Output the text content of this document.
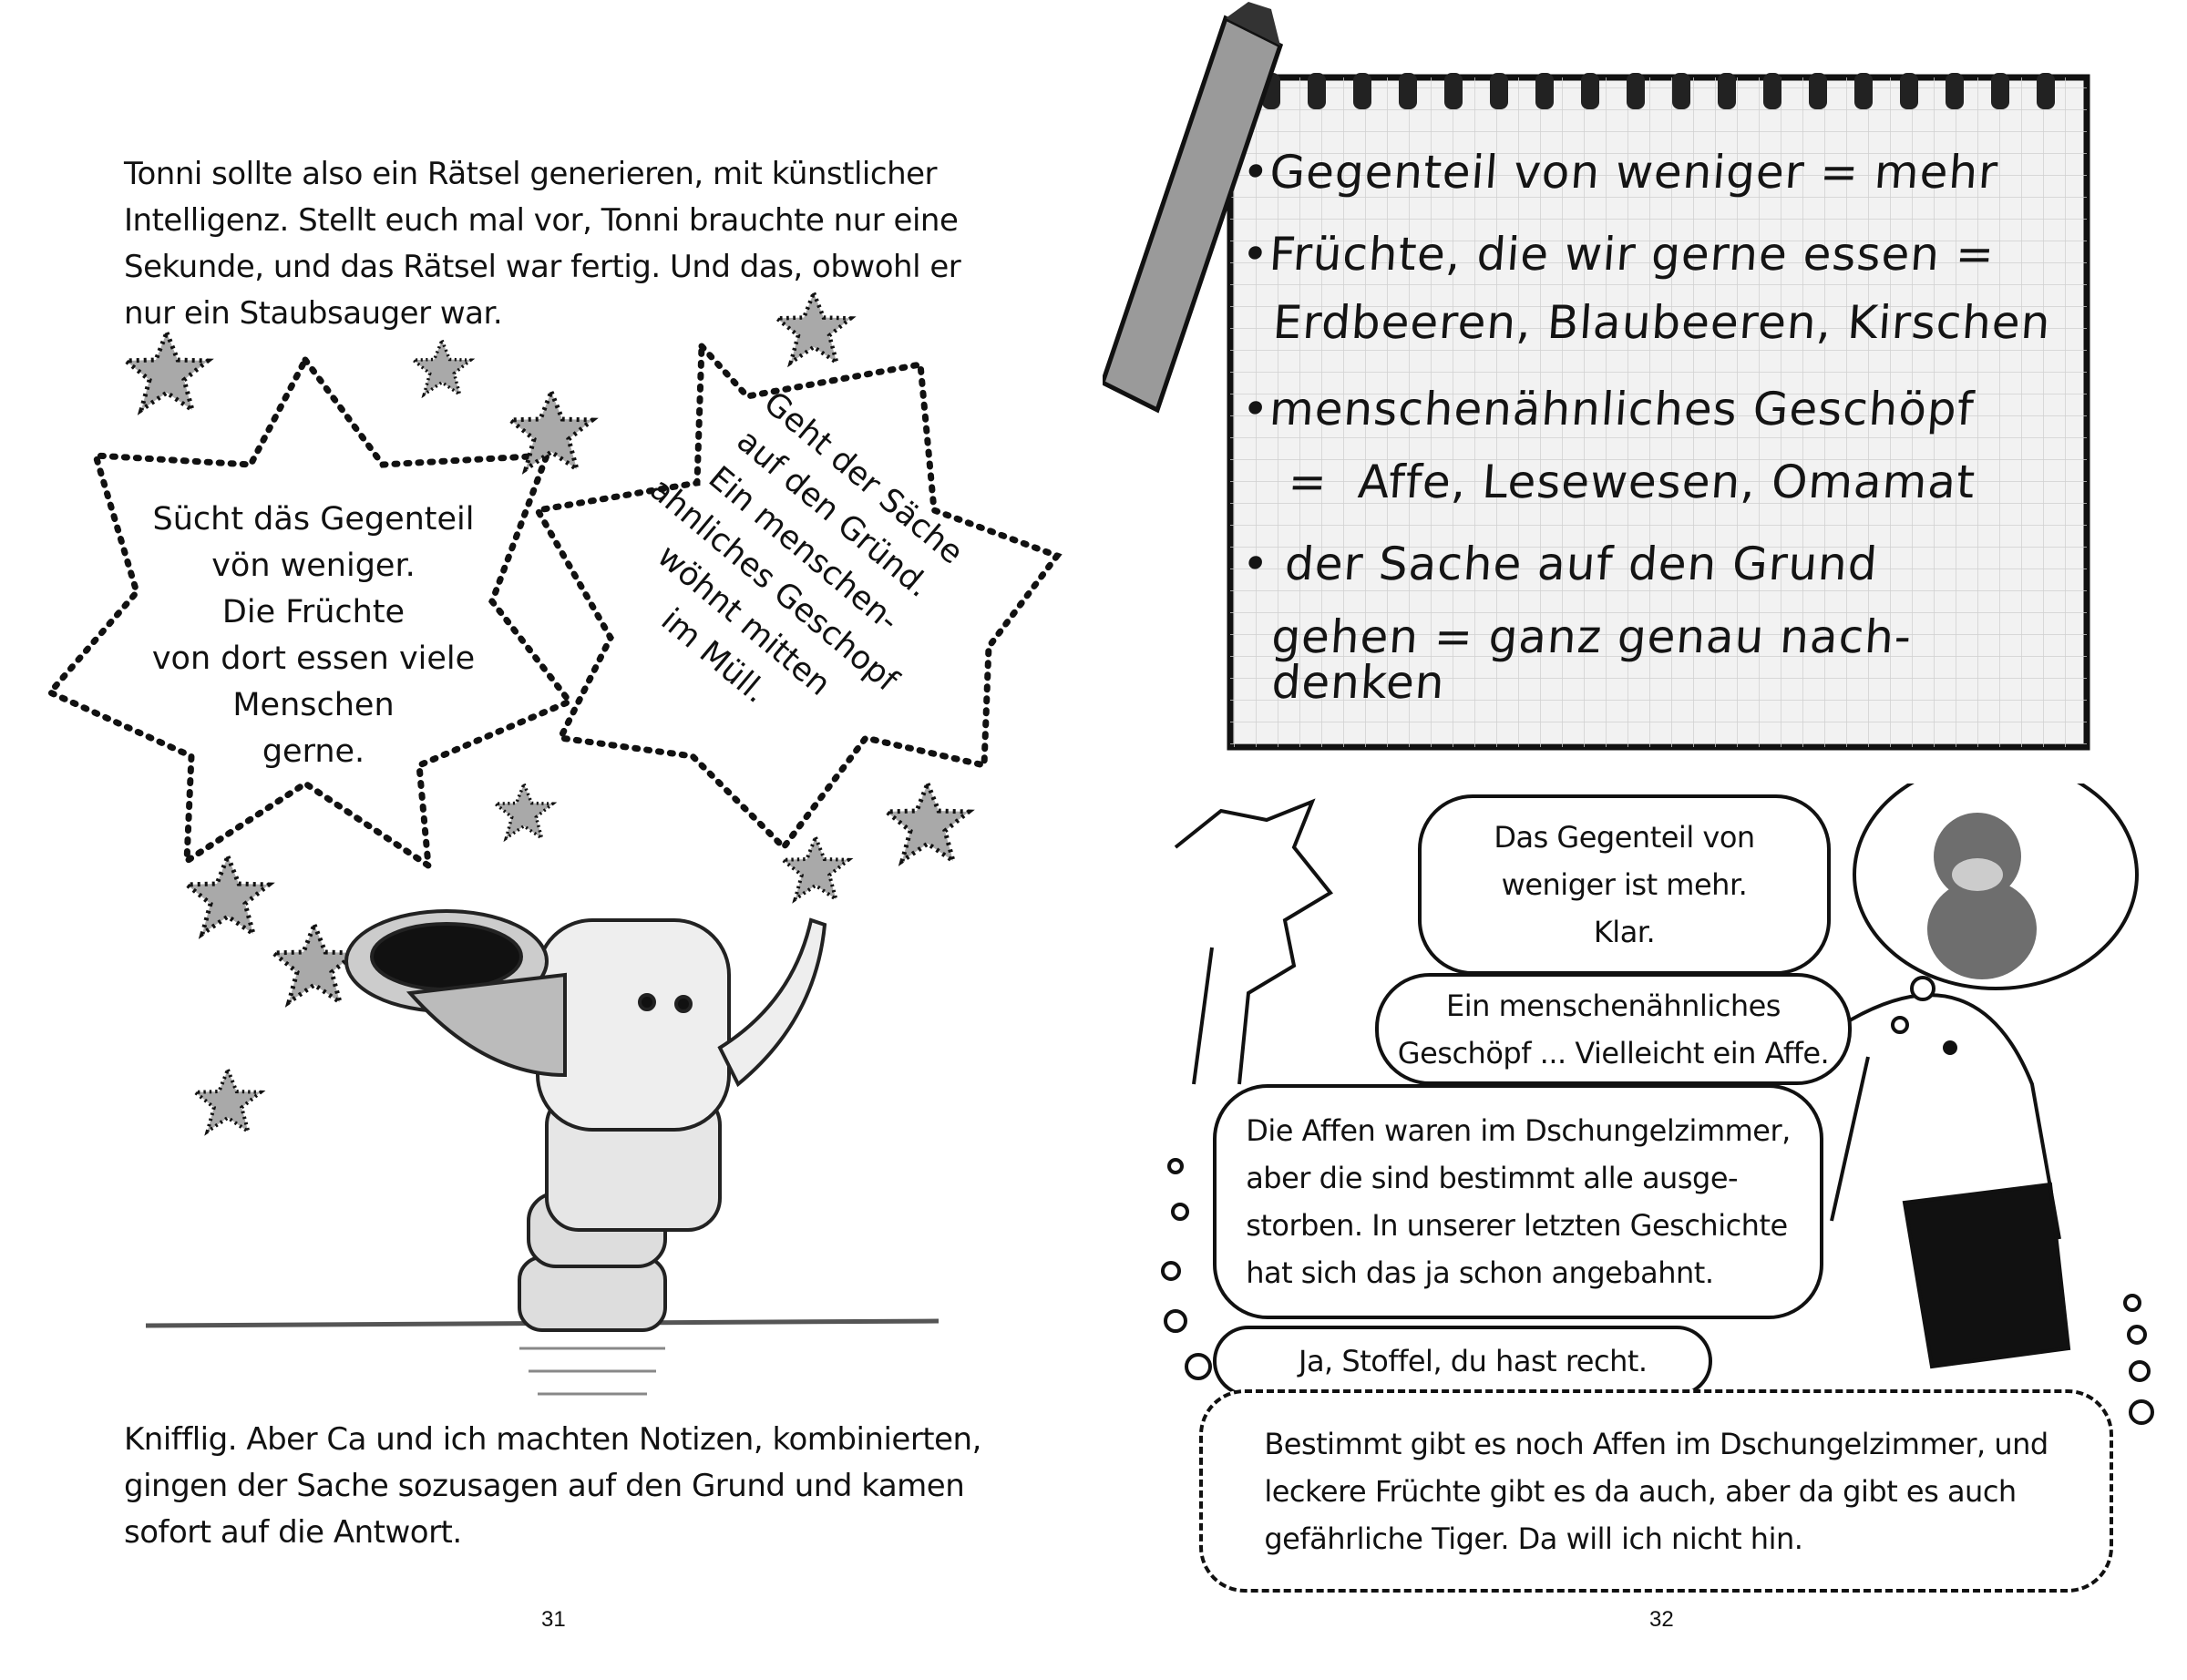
Tonni sollte also ein Rätsel generieren, mit künstlicher
Intelligenz. Stellt euch mal vor, Tonni brauchte nur eine
Sekunde, und das Rätsel war fertig. Und das, obwohl er
nur ein Staubsauger war.
Sücht däs Gegenteil
vön weniger.
Die Früchte
von dort essen viele
Menschen
gerne.
Geht der Säche
auf den Gründ.
Ein menschen-
ahnliches Geschopf
wöhnt mitten
im Müll.
Knifflig. Aber Ca und ich machten Notizen, kombinierten,
gingen der Sache sozusagen auf den Grund und kamen
sofort auf die Antwort.
31
•Gegenteil von weniger = mehr
•Früchte, die wir gerne essen =
Erdbeeren, Blaubeeren, Kirschen
•menschenähnliches Geschöpf
=  Affe, Lesewesen, Omamat
• der Sache auf den Grund
gehen = ganz genau nach-
denken
Das Gegenteil von
weniger ist mehr.
Klar.
Ein menschenähnliches
Geschöpf ... Vielleicht ein Affe.
Die Affen waren im Dschungelzimmer,
aber die sind bestimmt alle ausge-
storben. In unserer letzten Geschichte
hat sich das ja schon angebahnt.
Ja, Stoffel, du hast recht.
Bestimmt gibt es noch Affen im Dschungelzimmer, und
leckere Früchte gibt es da auch, aber da gibt es auch
gefährliche Tiger. Da will ich nicht hin.
32
